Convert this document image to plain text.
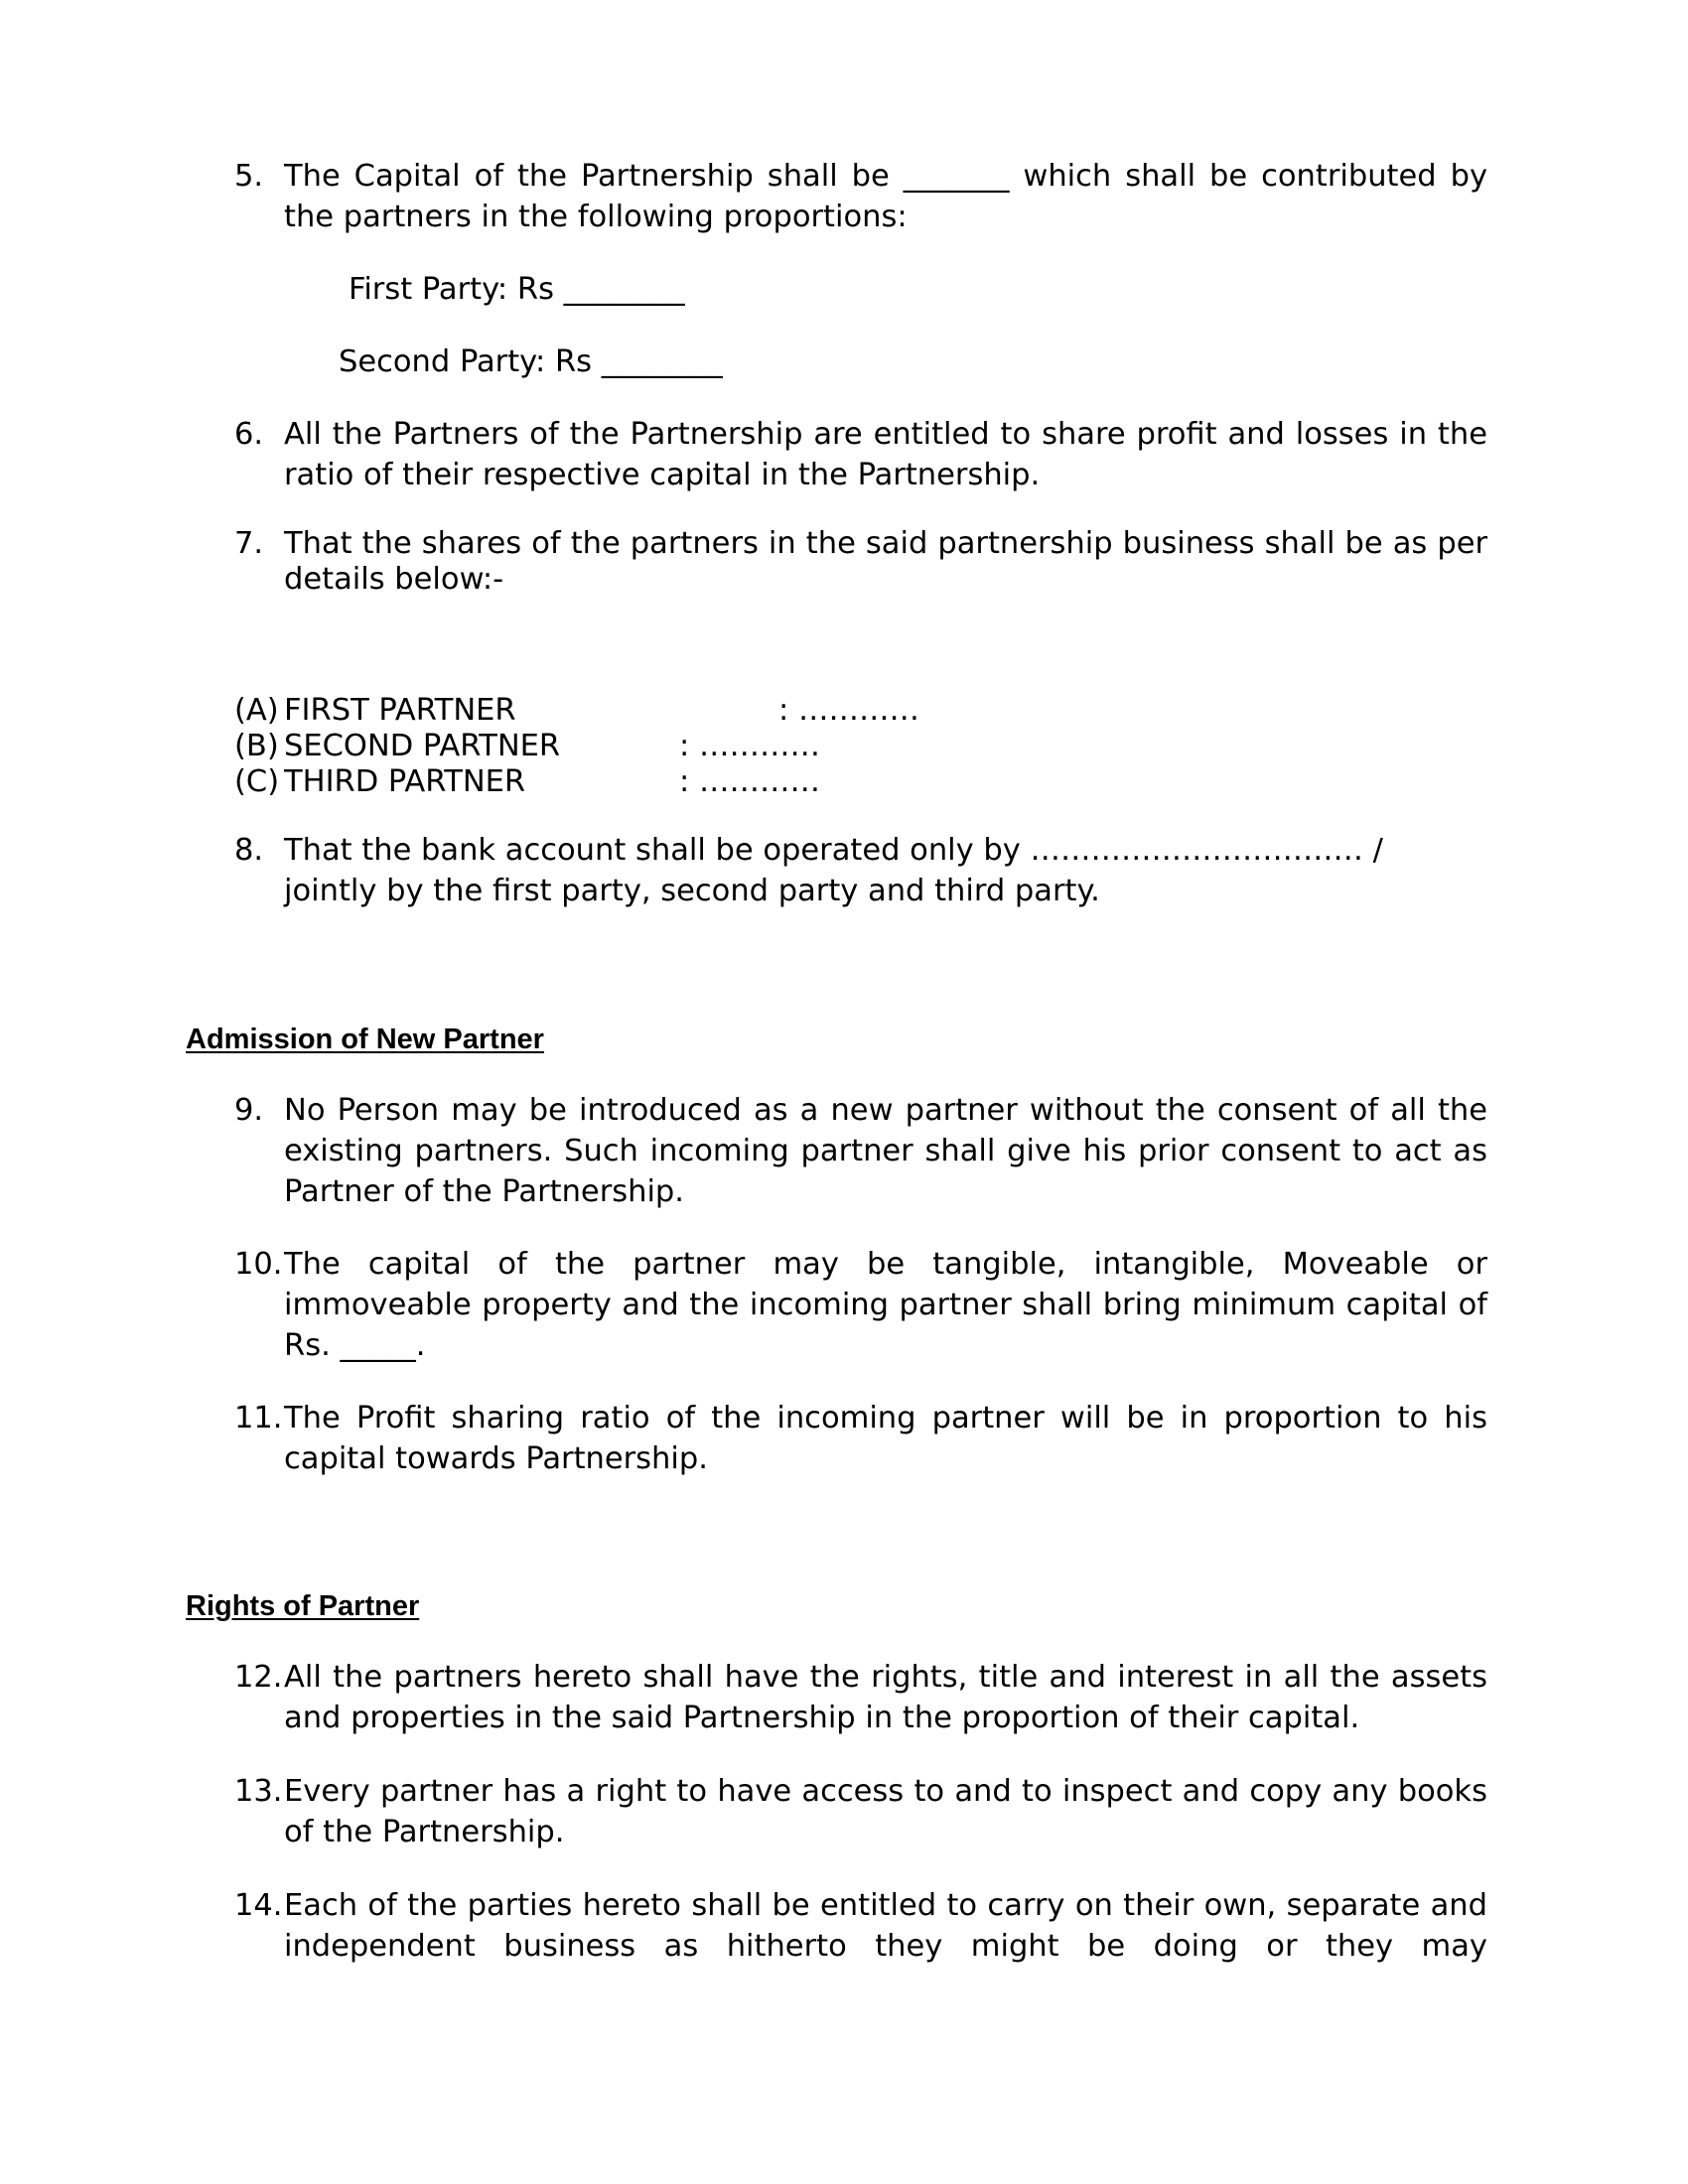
5. The Capital of the Partnership shall be _______ which shall be contributed by the partners in the following proportions:
First Party: Rs ________
Second Party: Rs ________
6. All the Partners of the Partnership are entitled to share profit and losses in the ratio of their respective capital in the Partnership.
7. That the shares of the partners in the said partnership business shall be as per details below:-
(A) FIRST PARTNER	: …………
(B) SECOND PARTNER	: …………
(C) THIRD PARTNER	: …………
8. That the bank account shall be operated only by …………………………… /
jointly by the first party, second party and third party.
Admission of New Partner
9. No Person may be introduced as a new partner without the consent of all the existing partners. Such incoming partner shall give his prior consent to act as Partner of the Partnership.
10. The capital of the partner may be tangible, intangible, Moveable or immoveable property and the incoming partner shall bring minimum capital of Rs. _____.
11. The Profit sharing ratio of the incoming partner will be in proportion to his capital towards Partnership.
Rights of Partner
12. All the partners hereto shall have the rights, title and interest in all the assets and properties in the said Partnership in the proportion of their capital.
13. Every partner has a right to have access to and to inspect and copy any books of the Partnership.
14. Each of the parties hereto shall be entitled to carry on their own, separate and independent business as hitherto they might be doing or they may
